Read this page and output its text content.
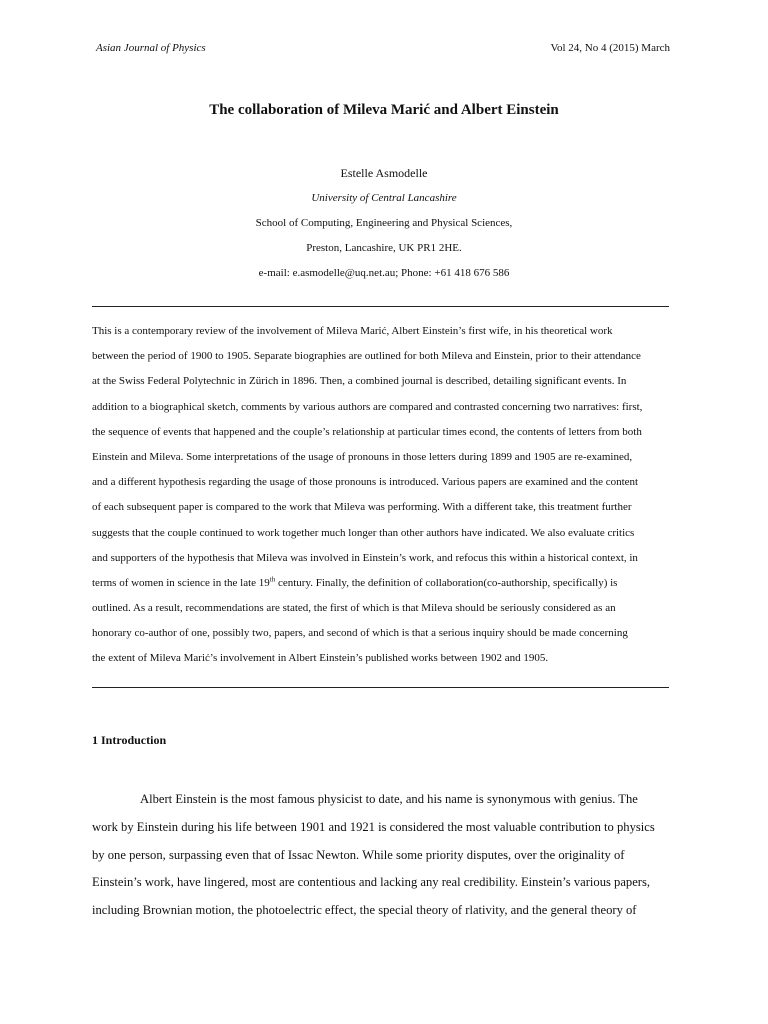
Asian Journal of Physics	Vol 24, No 4 (2015) March
The collaboration of Mileva Marić and Albert Einstein
Estelle Asmodelle
University of Central Lancashire
School of Computing, Engineering and Physical Sciences,
Preston, Lancashire, UK PR1 2HE.
e-mail: e.asmodelle@uq.net.au; Phone: +61 418 676 586
This is a contemporary review of the involvement of Mileva Marić, Albert Einstein’s first wife, in his theoretical work
between the period of 1900 to 1905. Separate biographies are outlined for both Mileva and Einstein, prior to their attendance
at the Swiss Federal Polytechnic in Zürich in 1896. Then, a combined journal is described, detailing significant events. In
addition to a biographical sketch, comments by various authors are compared and contrasted concerning two narratives: first,
the sequence of events that happened and the couple’s relationship at particular times econd, the contents of letters from both
Einstein and Mileva. Some interpretations of the usage of pronouns in those letters during 1899 and 1905 are re-examined,
and a different hypothesis regarding the usage of those pronouns is introduced. Various papers are examined and the content
of each subsequent paper is compared to the work that Mileva was performing. With a different take, this treatment further
suggests that the couple continued to work together much longer than other authors have indicated. We also evaluate critics
and supporters of the hypothesis that Mileva was involved in Einstein’s work, and refocus this within a historical context, in
terms of women in science in the late 19th century. Finally, the definition of collaboration(co-authorship, specifically) is
outlined. As a result, recommendations are stated, the first of which is that Mileva should be seriously considered as an
honorary co-author of one, possibly two, papers, and second of which is that a serious inquiry should be made concerning
the extent of Mileva Marić’s involvement in Albert Einstein’s published works between 1902 and 1905.
1 Introduction
Albert Einstein is the most famous physicist to date, and his name is synonymous with genius. The
work by Einstein during his life between 1901 and 1921 is considered the most valuable contribution to physics
by one person, surpassing even that of Issac Newton. While some priority disputes, over the originality of
Einstein’s work, have lingered, most are contentious and lacking any real credibility. Einstein’s various papers,
including Brownian motion, the photoelectric effect, the special theory of rlativity, and the general theory of
